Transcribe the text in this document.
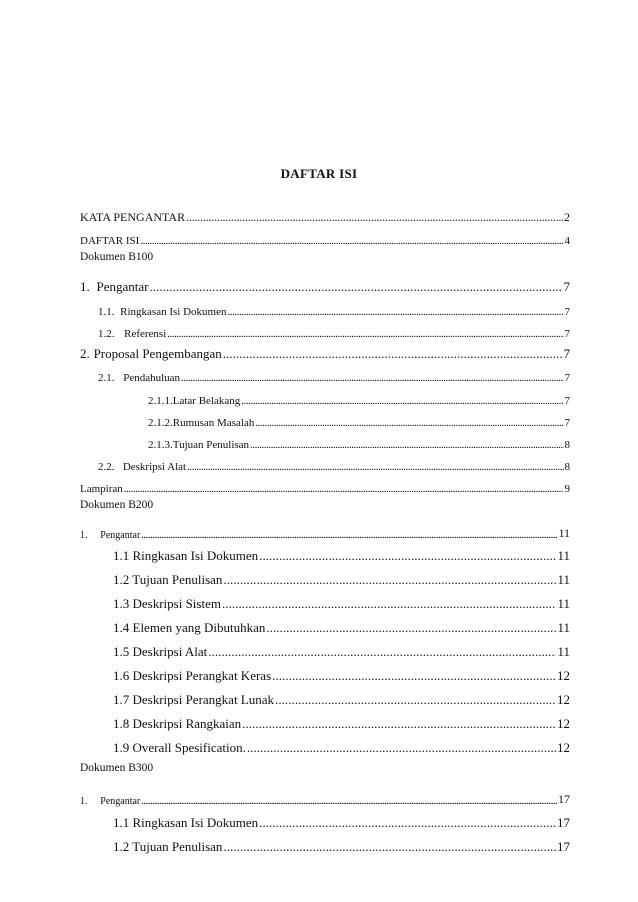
DAFTAR ISI
KATA PENGANTAR . . .	2
DAFTAR ISI . . .	4
Dokumen B100
1. Pengantar . . .	7
1.1. Ringkasan Isi Dokumen . . .	7
1.2. Referensi . . .	7
2. Proposal Pengembangan . . .	7
2.1. Pendahuluan . . .	7
2.1.1.Latar Belakang . . .	7
2.1.2.Rumusan Masalah . . .	7
2.1.3.Tujuan Penulisan . . .	8
2.2. Deskripsi Alat . . .	8
Lampiran . . .	9
Dokumen B200
1.	Pengantar . . .	11
1.1 Ringkasan Isi Dokumen . . .	11
1.2 Tujuan Penulisan . . .	11
1.3 Deskripsi Sistem . . .	11
1.4 Elemen yang Dibutuhkan . . .	11
1.5 Deskripsi Alat . . .	11
1.6 Deskripsi Perangkat Keras . . .	12
1.7 Deskripsi Perangkat Lunak . . .	12
1.8 Deskripsi Rangkaian . . .	12
1.9 Overall Spesification. . . .	12
Dokumen B300
1.	Pengantar . . .	17
1.1 Ringkasan Isi Dokumen . . .	17
1.2 Tujuan Penulisan . . .	17
